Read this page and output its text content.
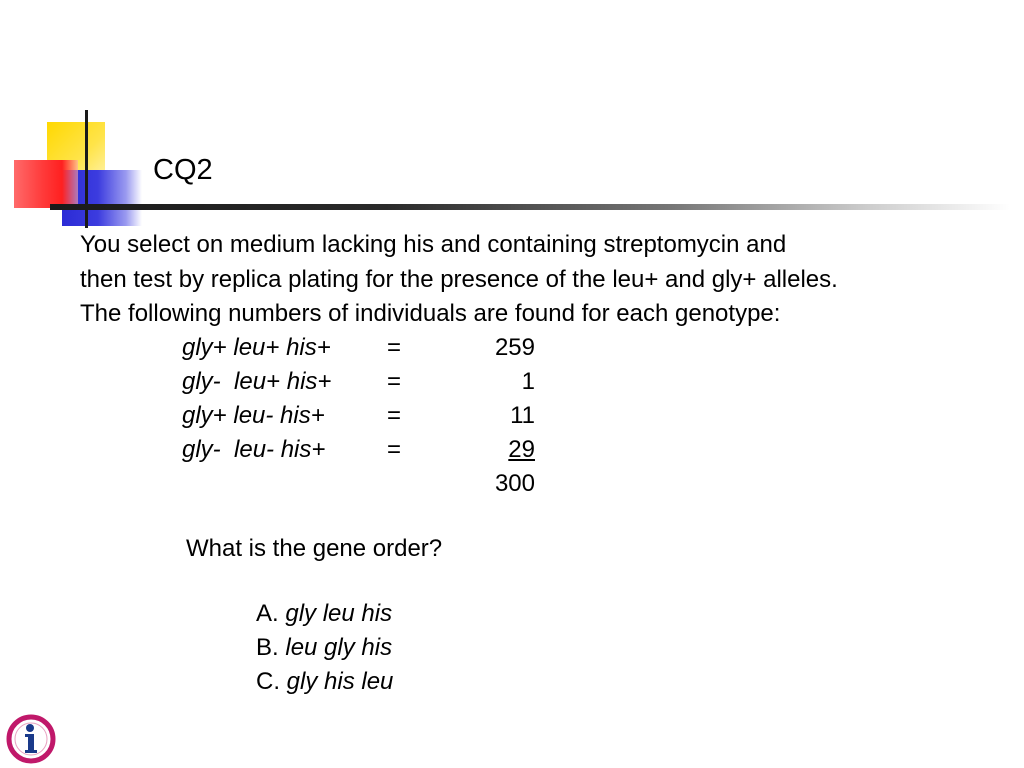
CQ2
You select on medium lacking his and containing streptomycin and
then test by replica plating for the presence of the leu+ and gly+ alleles.
The following numbers of individuals are found for each genotype:
gly+ leu+ his+ =	259
gly-  leu+ his+ =	1
gly+ leu- his+	=	11
gly-  leu- his+	=	29
300
What is the gene order?
A. gly leu his
B. leu gly his
C. gly his leu
